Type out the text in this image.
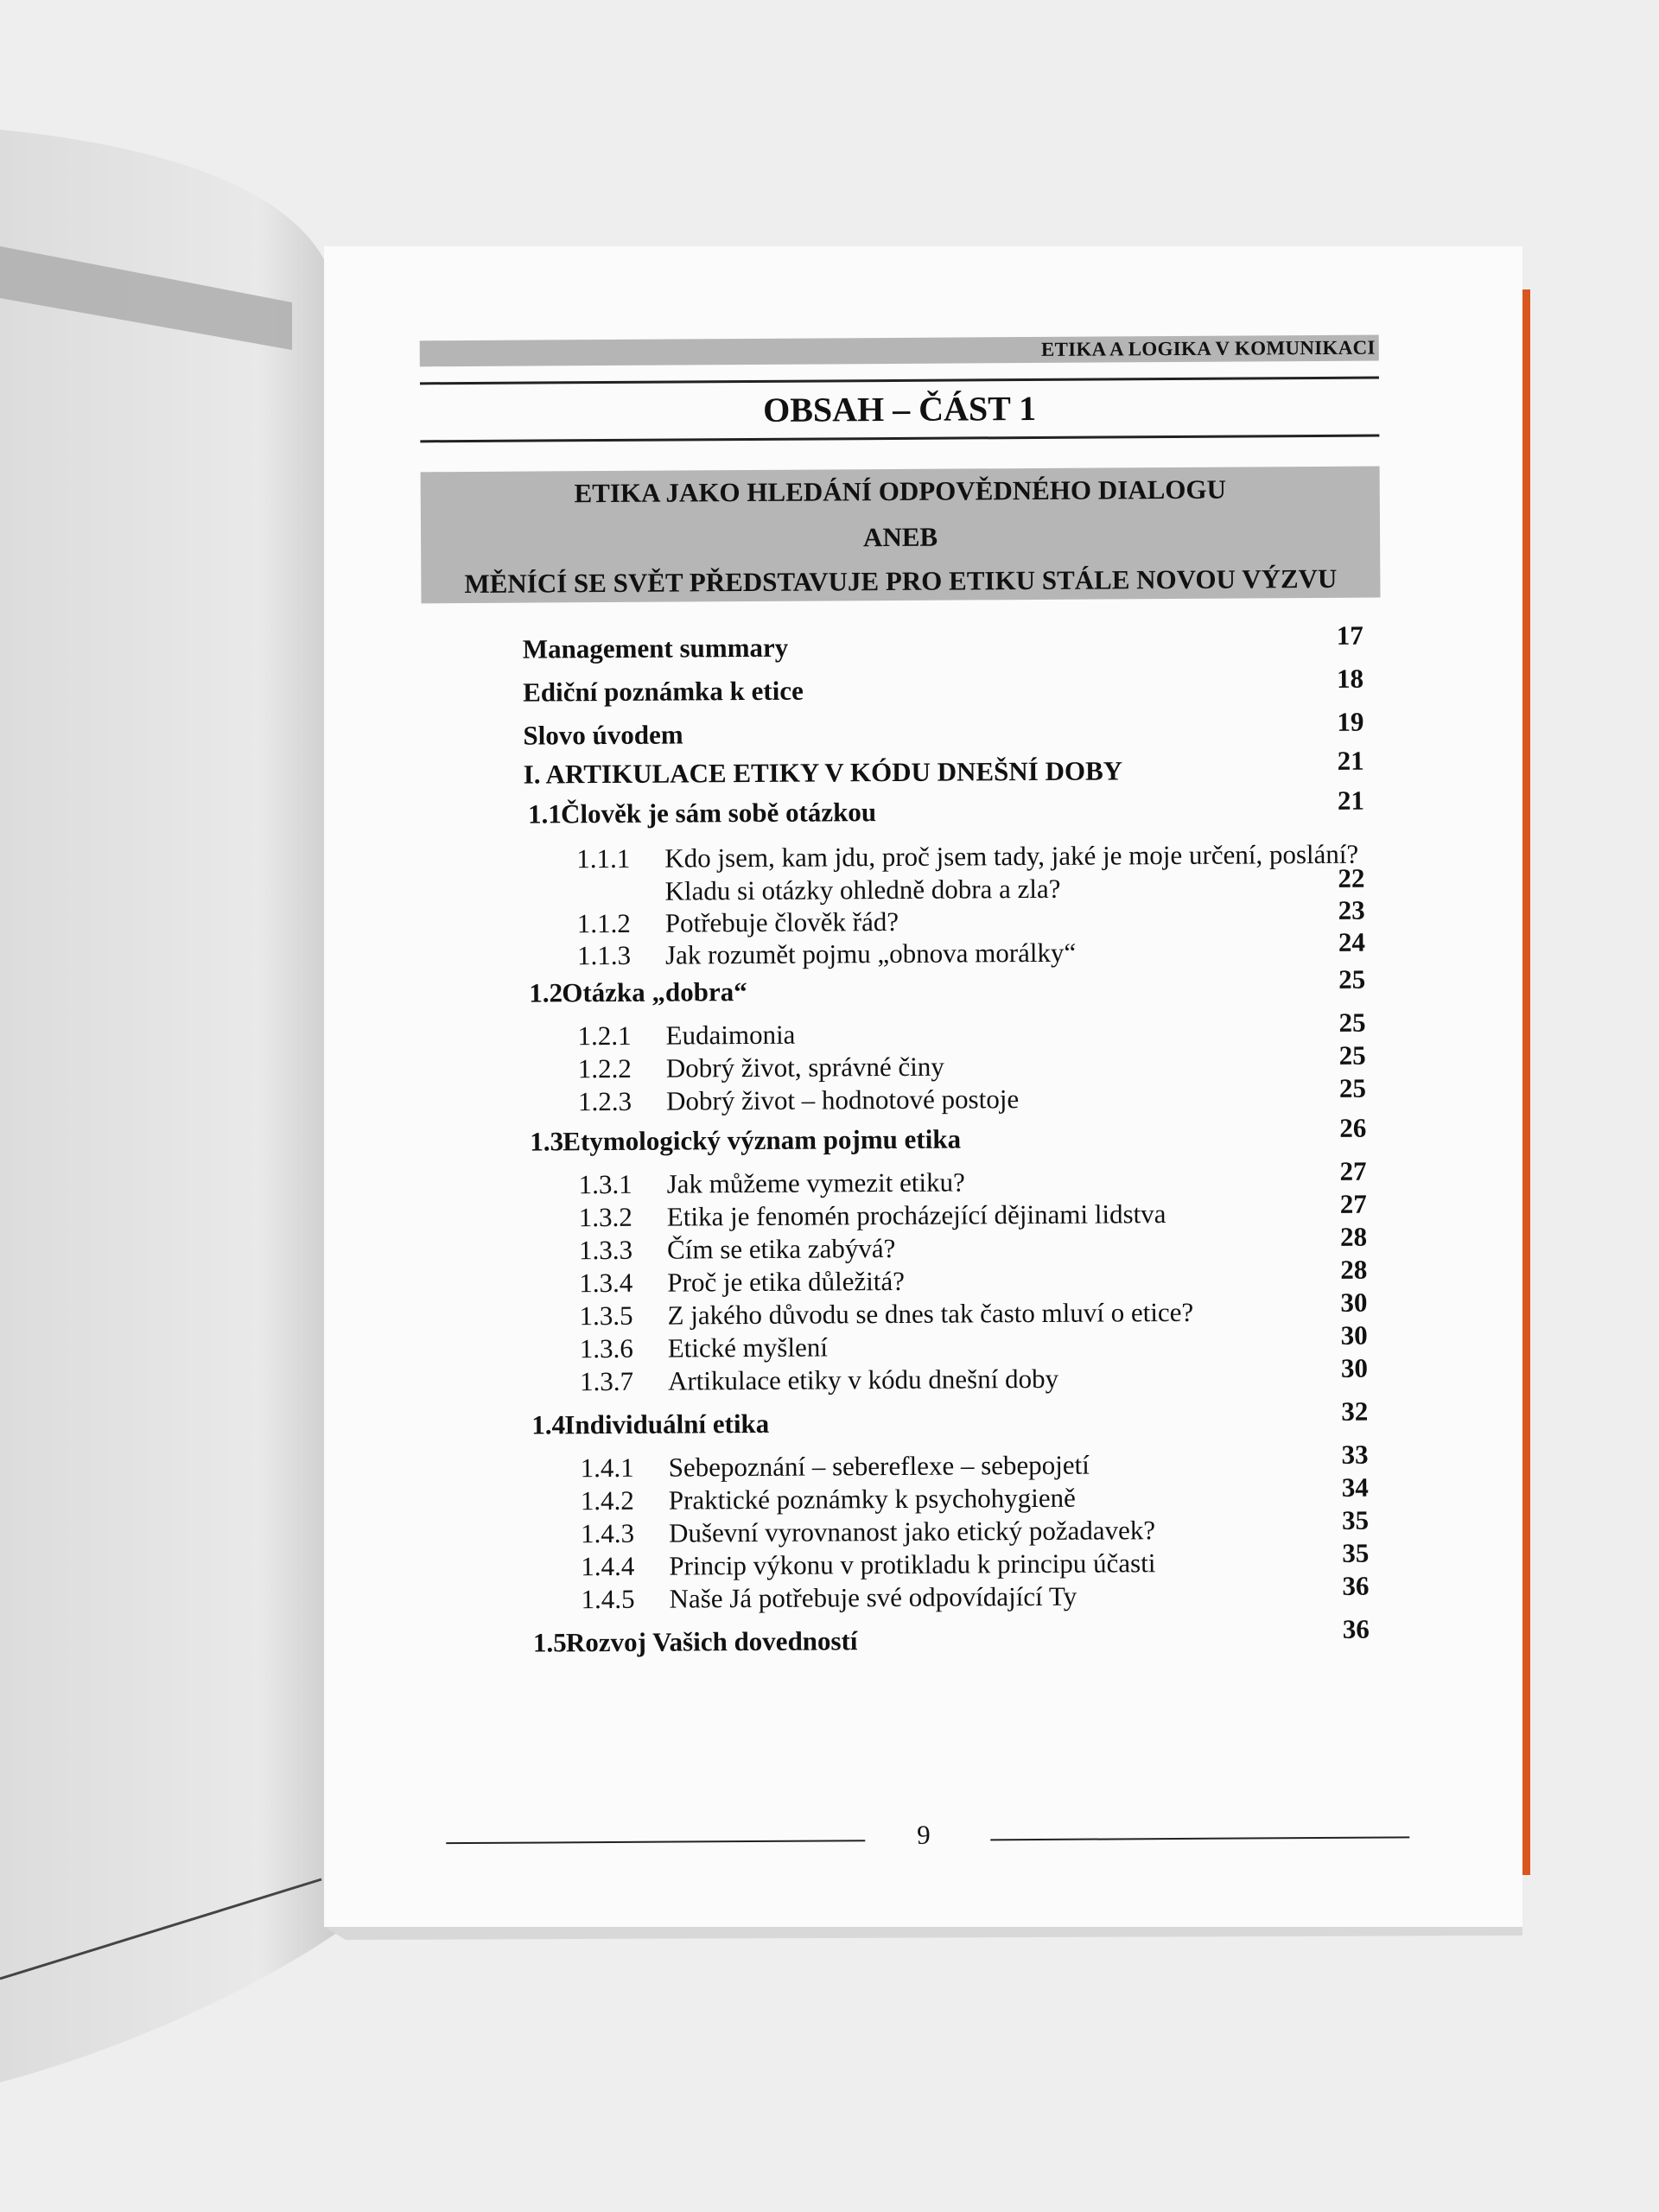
ETIKA A LOGIKA V KOMUNIKACI
OBSAH – ČÁST 1
ETIKA JAKO HLEDÁNÍ ODPOVĚDNÉHO DIALOGU
ANEB
MĚNÍCÍ SE SVĚT PŘEDSTAVUJE PRO ETIKU STÁLE NOVOU VÝZVU
Management summary	17
Ediční poznámka k etice	18
Slovo úvodem	19
I. ARTIKULACE ETIKY V KÓDU DNEŠNÍ DOBY	21
1.1 Člověk je sám sobě otázkou	21
1.1.1 Kdo jsem, kam jdu, proč jsem tady, jaké je moje určení, poslání?
Kladu si otázky ohledně dobra a zla?	22
1.1.2 Potřebuje člověk řád?	23
1.1.3 Jak rozumět pojmu „obnova morálky“	24
1.2 Otázka „dobra“	25
1.2.1 Eudaimonia	25
1.2.2 Dobrý život, správné činy	25
1.2.3 Dobrý život – hodnotové postoje	25
1.3 Etymologický význam pojmu etika	26
1.3.1 Jak můžeme vymezit etiku?	27
1.3.2 Etika je fenomén procházející dějinami lidstva	27
1.3.3 Čím se etika zabývá?	28
1.3.4 Proč je etika důležitá?	28
1.3.5 Z jakého důvodu se dnes tak často mluví o etice?	30
1.3.6 Etické myšlení	30
1.3.7 Artikulace etiky v kódu dnešní doby	30
1.4 Individuální etika	32
1.4.1 Sebepoznání – sebereflexe – sebepojetí	33
1.4.2 Praktické poznámky k psychohygieně	34
1.4.3 Duševní vyrovnanost jako etický požadavek?	35
1.4.4 Princip výkonu v protikladu k principu účasti	35
1.4.5 Naše Já potřebuje své odpovídající Ty	36
1.5 Rozvoj Vašich dovedností	36
9
